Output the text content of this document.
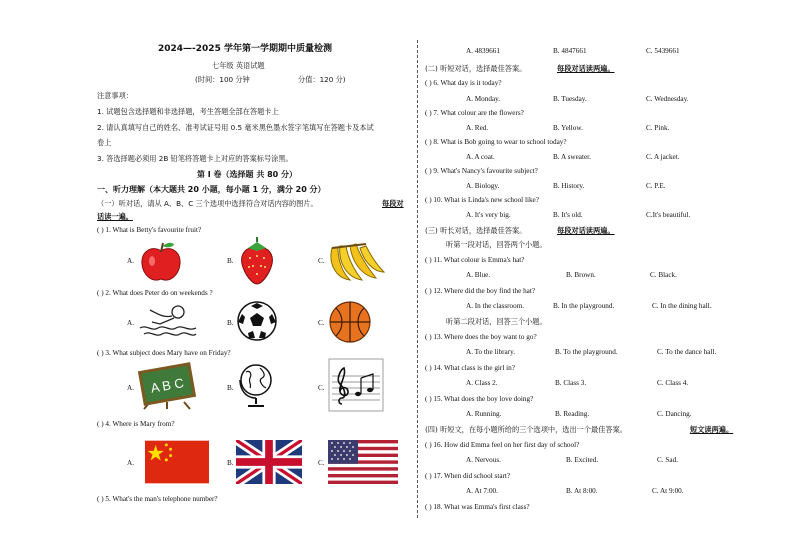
2024—-2025 学年第一学期期中质量检测
七年级 英语试题
(时间：100 分钟	分值：120 分)
注意事项：
1. 试题包含选择题和非选择题，考生答题全部在答题卡上
2. 请认真填写自己的姓名、准考试证号用 0.5 毫米黑色墨水签字笔填写在答题卡及本试
卷上
3. 答选择题必须用 2B 铅笔将答题卡上对应的答案标号涂黑。
第 I 卷（选择题 共 80 分）
一、听力理解（本大题共 20 小题，每小题 1 分，满分 20 分）
（一）听对话，请从 A、B、C 三个选项中选择符合对话内容的图片。	每段对
话读一遍。
( ) 1. What is Betty's favourite fruit?
A.	B.	C.
( ) 2. What does Peter do on weekends ?
A.	B.	C.
( ) 3. What subject does Mary have on Friday?
A. A B C	B.	C.
( ) 4. Where is Mary from?
A.	B.	C.
( ) 5. What's the man's telephone number?
A. 4839661	B. 4847661	C. 5439661
(二) 听短对话，选择最佳答案。	每段对话读两遍。
( ) 6. What day is it today?
A. Monday.	B. Tuesday.	C. Wednesday.
( ) 7. What colour are the flowers?
A. Red.	B. Yellow.	C. Pink.
( ) 8. What is Bob going to wear to school today?
A. A coat.	B. A sweater.	C. A jacket.
( ) 9. What's Nancy's favourite subject?
A. Biology.	B. History.	C. P.E.
( ) 10. What is Linda's new school like?
A. It's very big.	B. It's old.	C.It's beautiful.
(三) 听长对话，选择最佳答案。	每段对话读两遍。
听第一段对话，回答两个小题。
( ) 11. What colour is Emma's hat?
A. Blue.	B. Brown.	C. Black.
( ) 12. Where did the boy find the hat?
A. In the classroom.	B. In the playground.	C. In the dining hall.
听第二段对话，回答三个小题。
( ) 13. Where does the boy want to go?
A. To the library.	B. To the playground.	C. To the dance hall.
( ) 14. What class is the girl in?
A. Class 2.	B. Class 3.	C. Class 4.
( ) 15. What does the boy love doing?
A. Running.	B. Reading.	C. Dancing.
(四) 听短文，在每小题所给的三个选项中，选出一个最佳答案。	短文读两遍。
( ) 16. How did Emma feel on her first day of school?
A. Nervous.	B. Excited.	C. Sad.
( ) 17. When did school start?
A. At 7:00.	B. At 8:00.	C. At 9:00.
( ) 18. What was Emma's first class?
